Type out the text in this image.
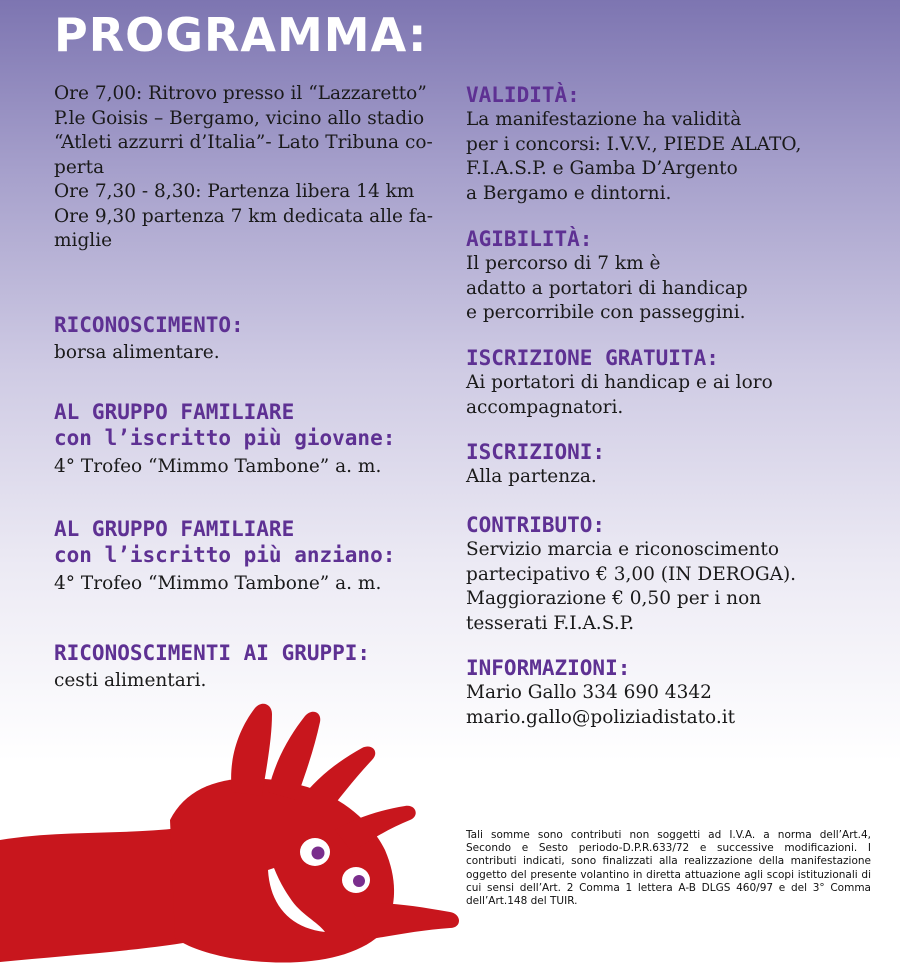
PROGRAMMA:
Ore 7,00: Ritrovo presso il “Lazzaretto”
P.le Goisis – Bergamo, vicino allo stadio
“Atleti azzurri d’Italia”- Lato Tribuna co-
perta
Ore 7,30 - 8,30: Partenza libera 14 km
Ore 9,30 partenza 7 km dedicata alle fa-
miglie
RICONOSCIMENTO:
borsa alimentare.
AL GRUPPO FAMILIARE
con l’iscritto più giovane:
4° Trofeo “Mimmo Tambone” a. m.
AL GRUPPO FAMILIARE
con l’iscritto più anziano:
4° Trofeo “Mimmo Tambone” a. m.
RICONOSCIMENTI AI GRUPPI:
cesti alimentari.
VALIDITÀ:
La manifestazione ha validità
per i concorsi: I.V.V., PIEDE ALATO,
F.I.A.S.P. e Gamba D’Argento
a Bergamo e dintorni.
AGIBILITÀ:
Il percorso di 7 km è
adatto a portatori di handicap
e percorribile con passeggini.
ISCRIZIONE GRATUITA:
Ai portatori di handicap e ai loro
accompagnatori.
ISCRIZIONI:
Alla partenza.
CONTRIBUTO:
Servizio marcia e riconoscimento
partecipativo € 3,00 (IN DEROGA).
Maggiorazione € 0,50 per i non
tesserati F.I.A.S.P.
INFORMAZIONI:
Mario Gallo 334 690 4342
mario.gallo@poliziadistato.it
Tali somme sono contributi non soggetti ad I.V.A. a norma dell’Art.4, Secondo e Sesto periodo-D.P.R.633/72 e successive modificazioni. I contributi indicati, sono finalizzati alla realizzazione della manifestazione oggetto del presente volantino in diretta attuazione agli scopi istituzionali di cui sensi dell’Art. 2 Comma 1 lettera A-B DLGS 460/97 e del 3° Comma dell’Art.148 del TUIR.
